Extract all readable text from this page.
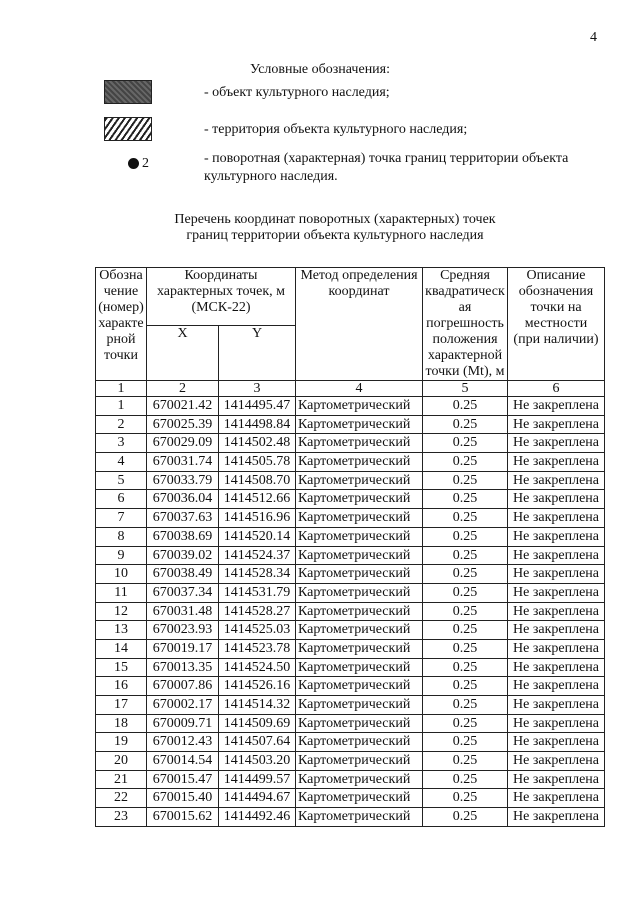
4
Условные обозначения:
- объект культурного наследия;
- территория объекта культурного наследия;
2	- поворотная (характерная) точка границ территории объекта культурного наследия.
Перечень координат поворотных (характерных) точек
границ территории объекта культурного наследия
Обозна чение (номер) характе рной точки	Координаты характерных точек, м (МСК-22)		Метод определения координат	Средняя квадратическ ая погрешность положения характерной точки (Mt), м	Описание обозначения точки на местности (при наличии)
	X	Y			
1	2	3	4	5	6
1	670021.42	1414495.47	Картометрический	0.25	Не закреплена
2	670025.39	1414498.84	Картометрический	0.25	Не закреплена
3	670029.09	1414502.48	Картометрический	0.25	Не закреплена
4	670031.74	1414505.78	Картометрический	0.25	Не закреплена
5	670033.79	1414508.70	Картометрический	0.25	Не закреплена
6	670036.04	1414512.66	Картометрический	0.25	Не закреплена
7	670037.63	1414516.96	Картометрический	0.25	Не закреплена
8	670038.69	1414520.14	Картометрический	0.25	Не закреплена
9	670039.02	1414524.37	Картометрический	0.25	Не закреплена
10	670038.49	1414528.34	Картометрический	0.25	Не закреплена
11	670037.34	1414531.79	Картометрический	0.25	Не закреплена
12	670031.48	1414528.27	Картометрический	0.25	Не закреплена
13	670023.93	1414525.03	Картометрический	0.25	Не закреплена
14	670019.17	1414523.78	Картометрический	0.25	Не закреплена
15	670013.35	1414524.50	Картометрический	0.25	Не закреплена
16	670007.86	1414526.16	Картометрический	0.25	Не закреплена
17	670002.17	1414514.32	Картометрический	0.25	Не закреплена
18	670009.71	1414509.69	Картометрический	0.25	Не закреплена
19	670012.43	1414507.64	Картометрический	0.25	Не закреплена
20	670014.54	1414503.20	Картометрический	0.25	Не закреплена
21	670015.47	1414499.57	Картометрический	0.25	Не закреплена
22	670015.40	1414494.67	Картометрический	0.25	Не закреплена
23	670015.62	1414492.46	Картометрический	0.25	Не закреплена
